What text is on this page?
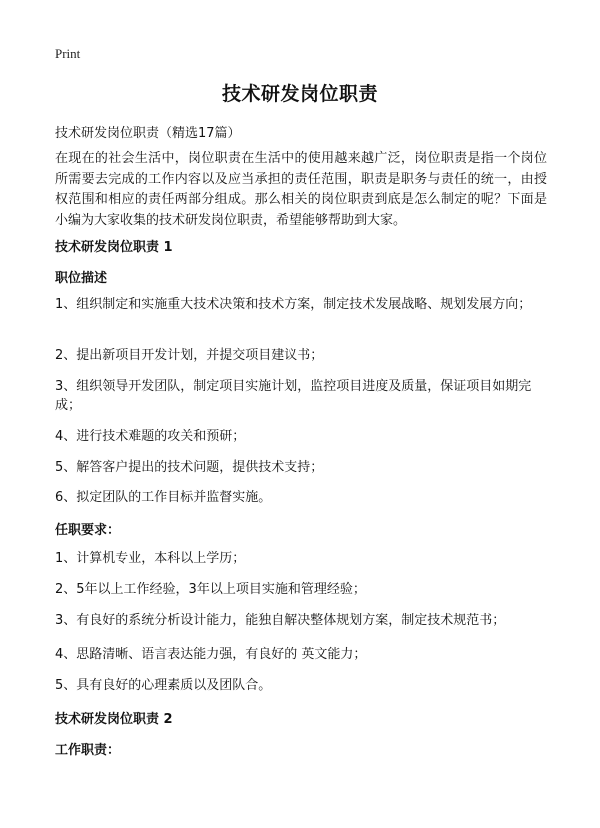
Print
技术研发岗位职责
技术研发岗位职责（精选17篇）
在现在的社会生活中，岗位职责在生活中的使用越来越广泛，岗位职责是指一个岗位所需要去完成的工作内容以及应当承担的责任范围，职责是职务与责任的统一，由授权范围和相应的责任两部分组成。那么相关的岗位职责到底是怎么制定的呢？下面是小编为大家收集的技术研发岗位职责，希望能够帮助到大家。
技术研发岗位职责 1
职位描述
1、组织制定和实施重大技术决策和技术方案，制定技术发展战略、规划发展方向；
2、提出新项目开发计划，并提交项目建议书；
3、组织领导开发团队，制定项目实施计划，监控项目进度及质量，保证项目如期完成；
4、进行技术难题的攻关和预研；
5、解答客户提出的技术问题，提供技术支持；
6、拟定团队的工作目标并监督实施。
任职要求：
1、计算机专业，本科以上学历；
2、5年以上工作经验，3年以上项目实施和管理经验；
3、有良好的系统分析设计能力，能独自解决整体规划方案，制定技术规范书；
4、思路清晰、语言表达能力强，有良好的 英文能力；
5、具有良好的心理素质以及团队合。
技术研发岗位职责 2
工作职责：
